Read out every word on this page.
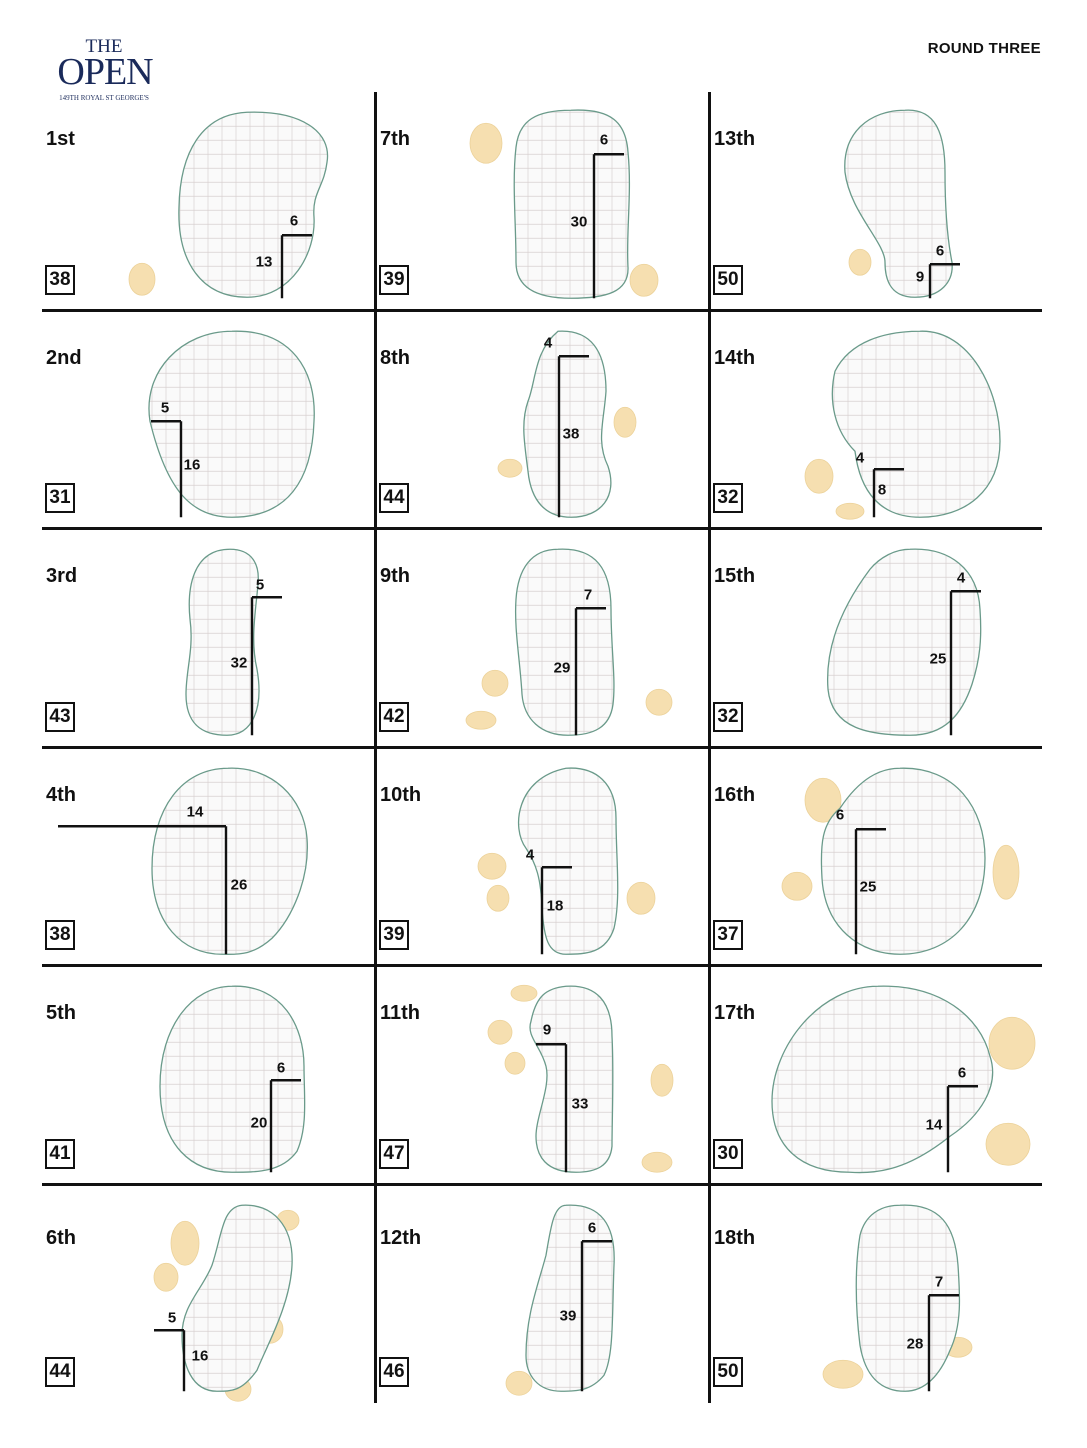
THE
OPEN
149TH ROYAL ST GEORGE'S
ROUND THREE
6
13
1st
38
6
30
7th
39
6
9
13th
50
5
16
2nd
31
4
38
8th
44
4
8
14th
32
5
32
3rd
43
7
29
9th
42
4
25
15th
32
14
26
4th
38
4
18
10th
39
6
25
16th
37
6
20
5th
41
9
33
11th
47
6
14
17th
30
5
16
6th
44
6
39
12th
46
7
28
18th
50
